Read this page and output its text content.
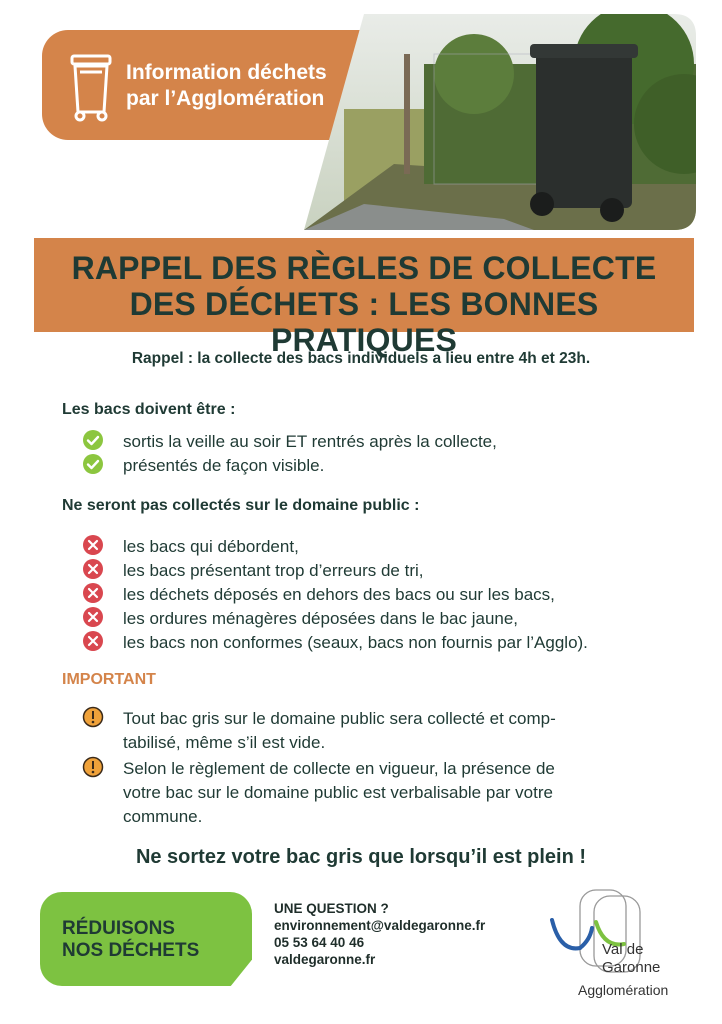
Information déchets
par l’Agglomération
RAPPEL DES RÈGLES DE COLLECTE
DES DÉCHETS : LES BONNES PRATIQUES
Rappel : la collecte des bacs individuels a lieu entre 4h et 23h.
Les bacs doivent être :
sortis la veille au soir ET rentrés après la collecte,
présentés de façon visible.
Ne seront pas collectés sur le domaine public :
les bacs qui débordent,
les bacs présentant trop d’erreurs de tri,
les déchets déposés en dehors des bacs ou sur les bacs,
les ordures ménagères déposées dans le bac jaune,
les bacs non conformes (seaux, bacs non fournis par l’Agglo).
IMPORTANT
Tout bac gris sur le domaine public sera collecté et comp-
tabilisé, même s’il est vide.
Selon le règlement de collecte en vigueur, la présence de
votre bac sur le domaine public est verbalisable par votre
commune.
Ne sortez votre bac gris que lorsqu’il est plein !
RÉDUISONS
NOS DÉCHETS
UNE QUESTION ?
environnement@valdegaronne.fr
05 53 64 40 46
valdegaronne.fr
Val de
Garonne
Agglomération
